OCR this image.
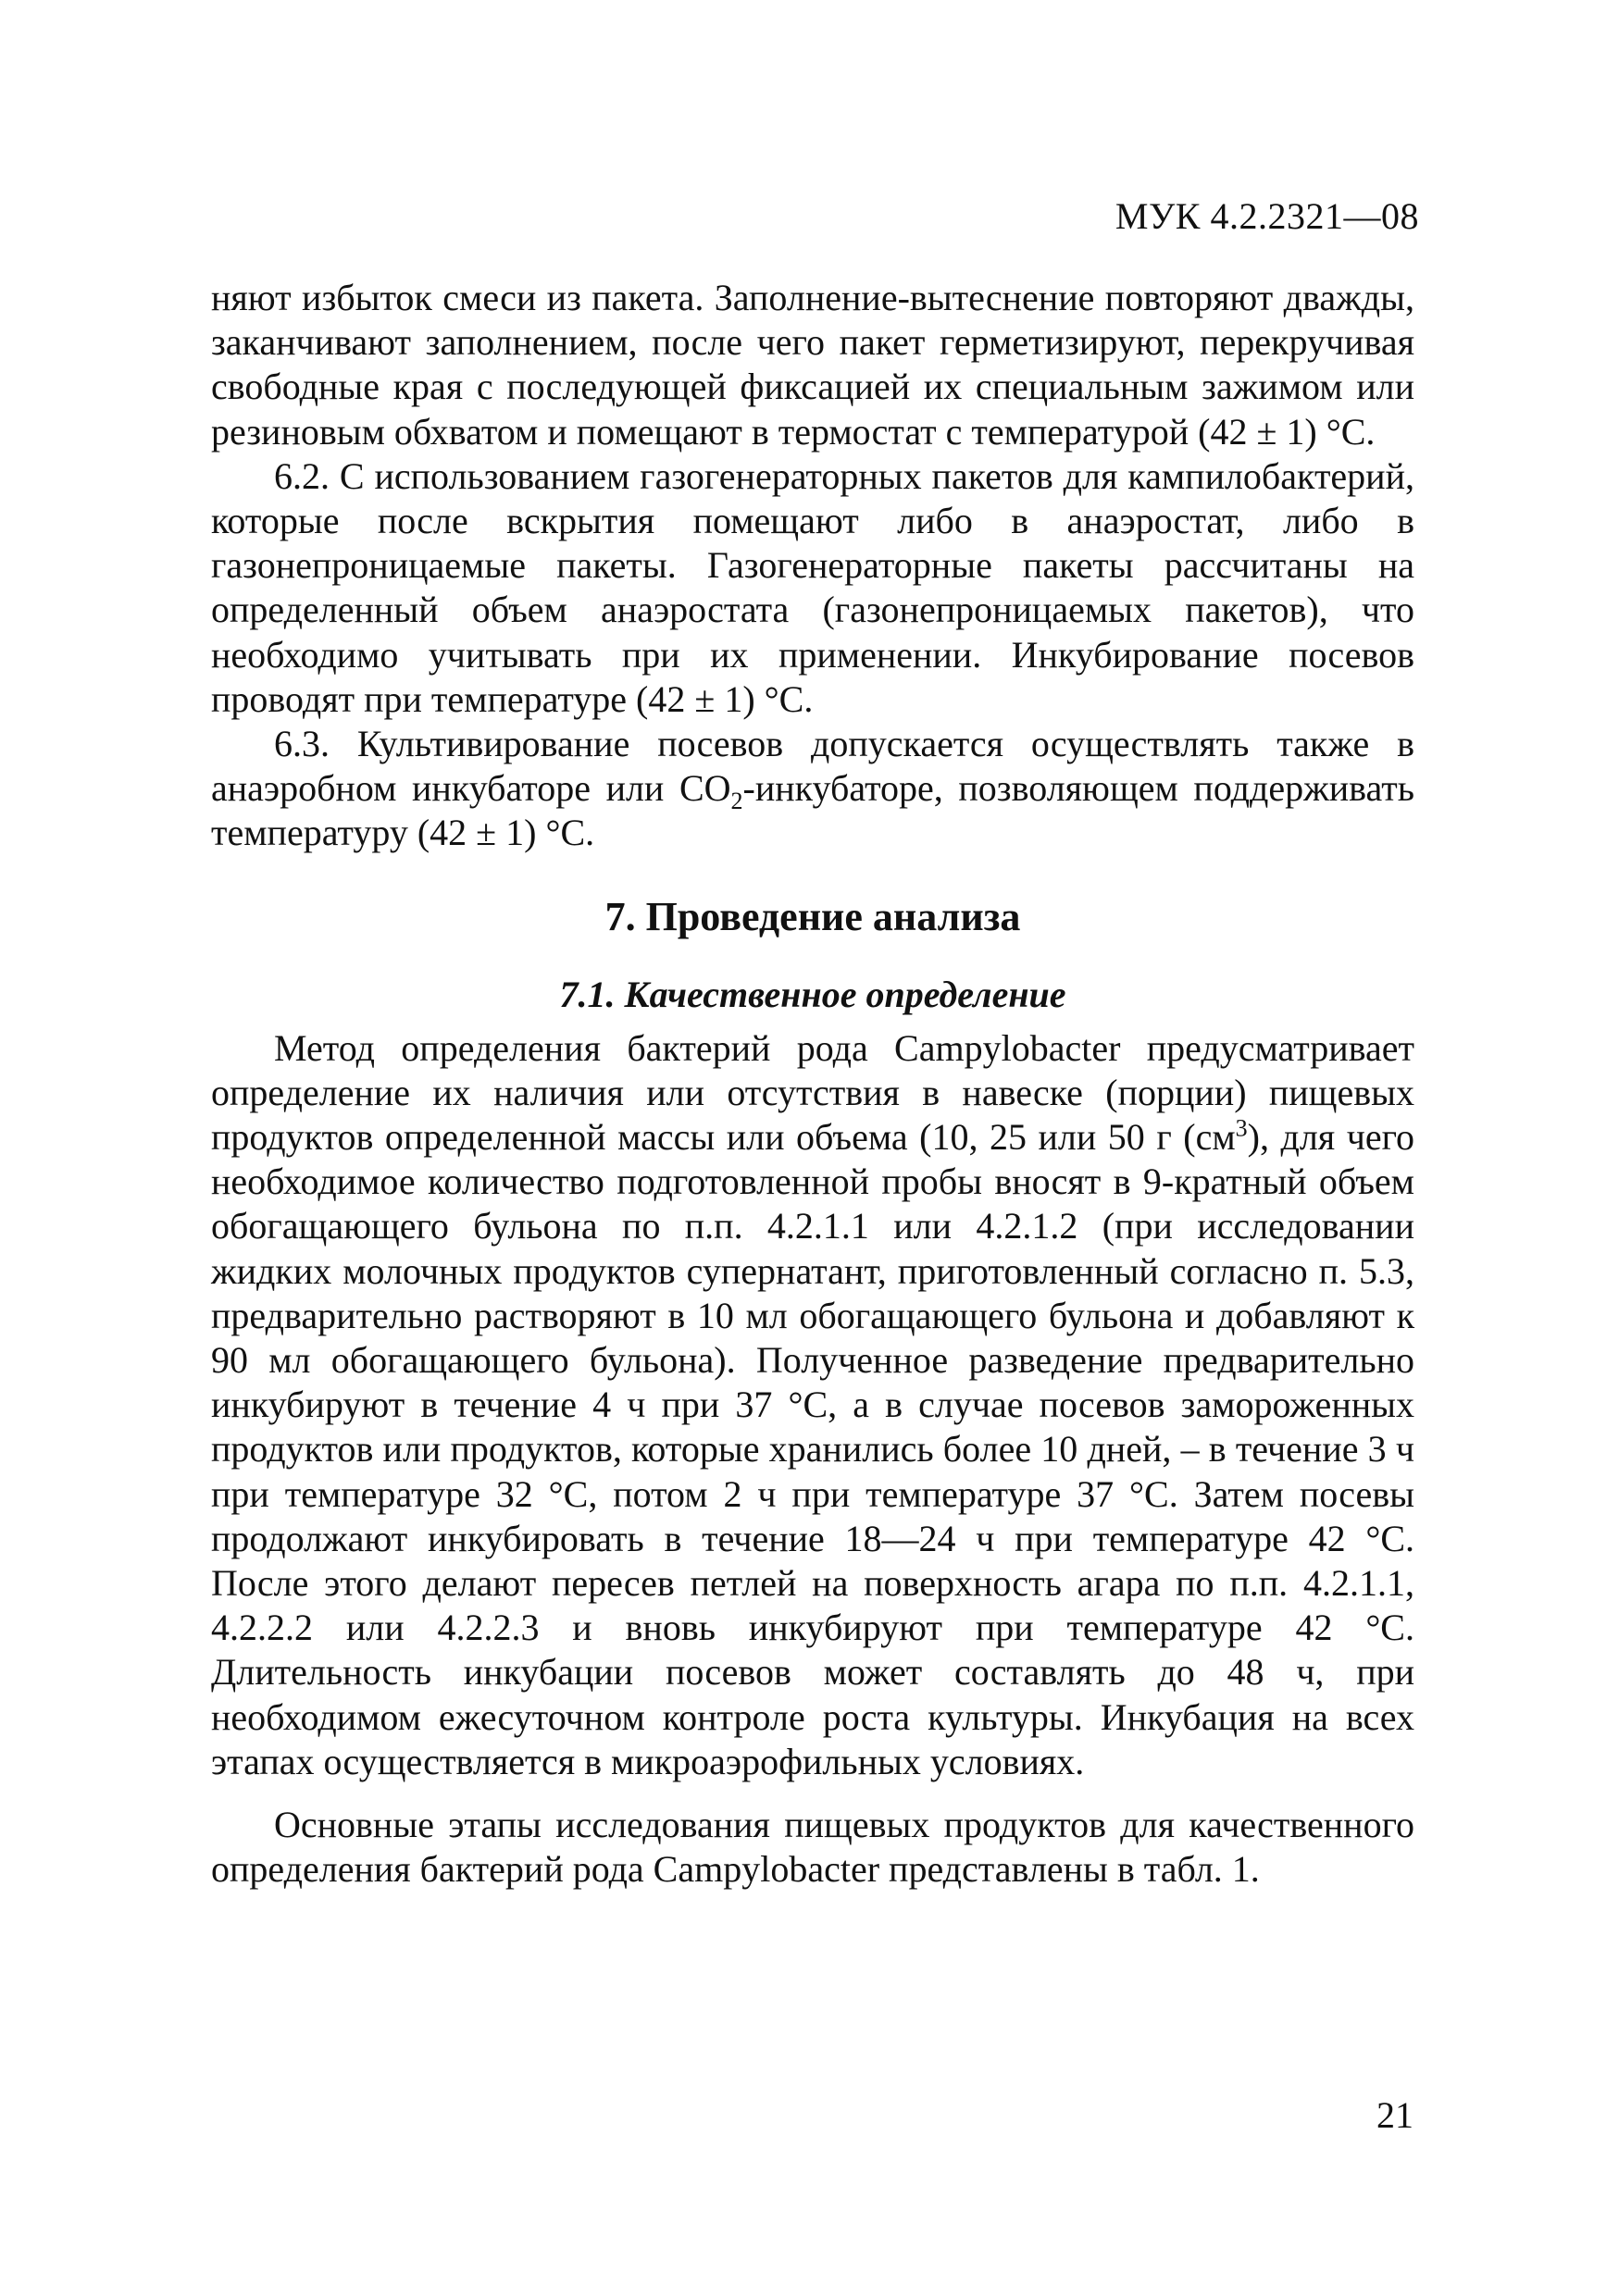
МУК 4.2.2321—08

няют избыток смеси из пакета. Заполнение-вытеснение повторяют дважды, заканчивают заполнением, после чего пакет герметизируют, перекручивая свободные края с последующей фиксацией их специальным зажимом или резиновым обхватом и помещают в термостат с температурой (42 ± 1) °С.

6.2. С использованием газогенераторных пакетов для кампилобактерий, которые после вскрытия помещают либо в анаэростат, либо в газонепроницаемые пакеты. Газогенераторные пакеты рассчитаны на определенный объем анаэростата (газонепроницаемых пакетов), что необходимо учитывать при их применении. Инкубирование посевов проводят при температуре (42 ± 1) °С.

6.3. Культивирование посевов допускается осуществлять также в анаэробном инкубаторе или $СО_2$-инкубаторе, позволяющем поддерживать температуру (42 ± 1) °С.

7. Проведение анализа
7.1. Качественное определение

Метод определения бактерий рода Campylobacter предусматривает определение их наличия или отсутствия в навеске (порции) пищевых продуктов определенной массы или объема (10, 25 или 50 г $(см^3)$, для чего необходимое количество подготовленной пробы вносят в 9-кратный объем обогащающего бульона по п.п. 4.2.1.1 или 4.2.1.2 (при исследовании жидких молочных продуктов супернатант, приготовленный согласно п. 5.3, предварительно растворяют в 10 мл обогащающего бульона и добавляют к 90 мл обогащающего бульона). Полученное разведение предварительно инкубируют в течение 4 ч при 37 °С, а в случае посевов замороженных продуктов или продуктов, которые хранились более 10 дней, – в течение 3 ч при температуре 32 °С, потом 2 ч при температуре 37 °С. Затем посевы продолжают инкубировать в течение 18—24 ч при температуре 42 °С. После этого делают пересев петлей на поверхность агара по п.п. 4.2.1.1, 4.2.2.2 или 4.2.2.3 и вновь инкубируют при температуре 42 °С. Длительность инкубации посевов может составлять до 48 ч, при необходимом ежесуточном контроле роста культуры. Инкубация на всех этапах осуществляется в микроаэрофильных условиях.

Основные этапы исследования пищевых продуктов для качественного определения бактерий рода Campylobacter представлены в табл. 1.

21
